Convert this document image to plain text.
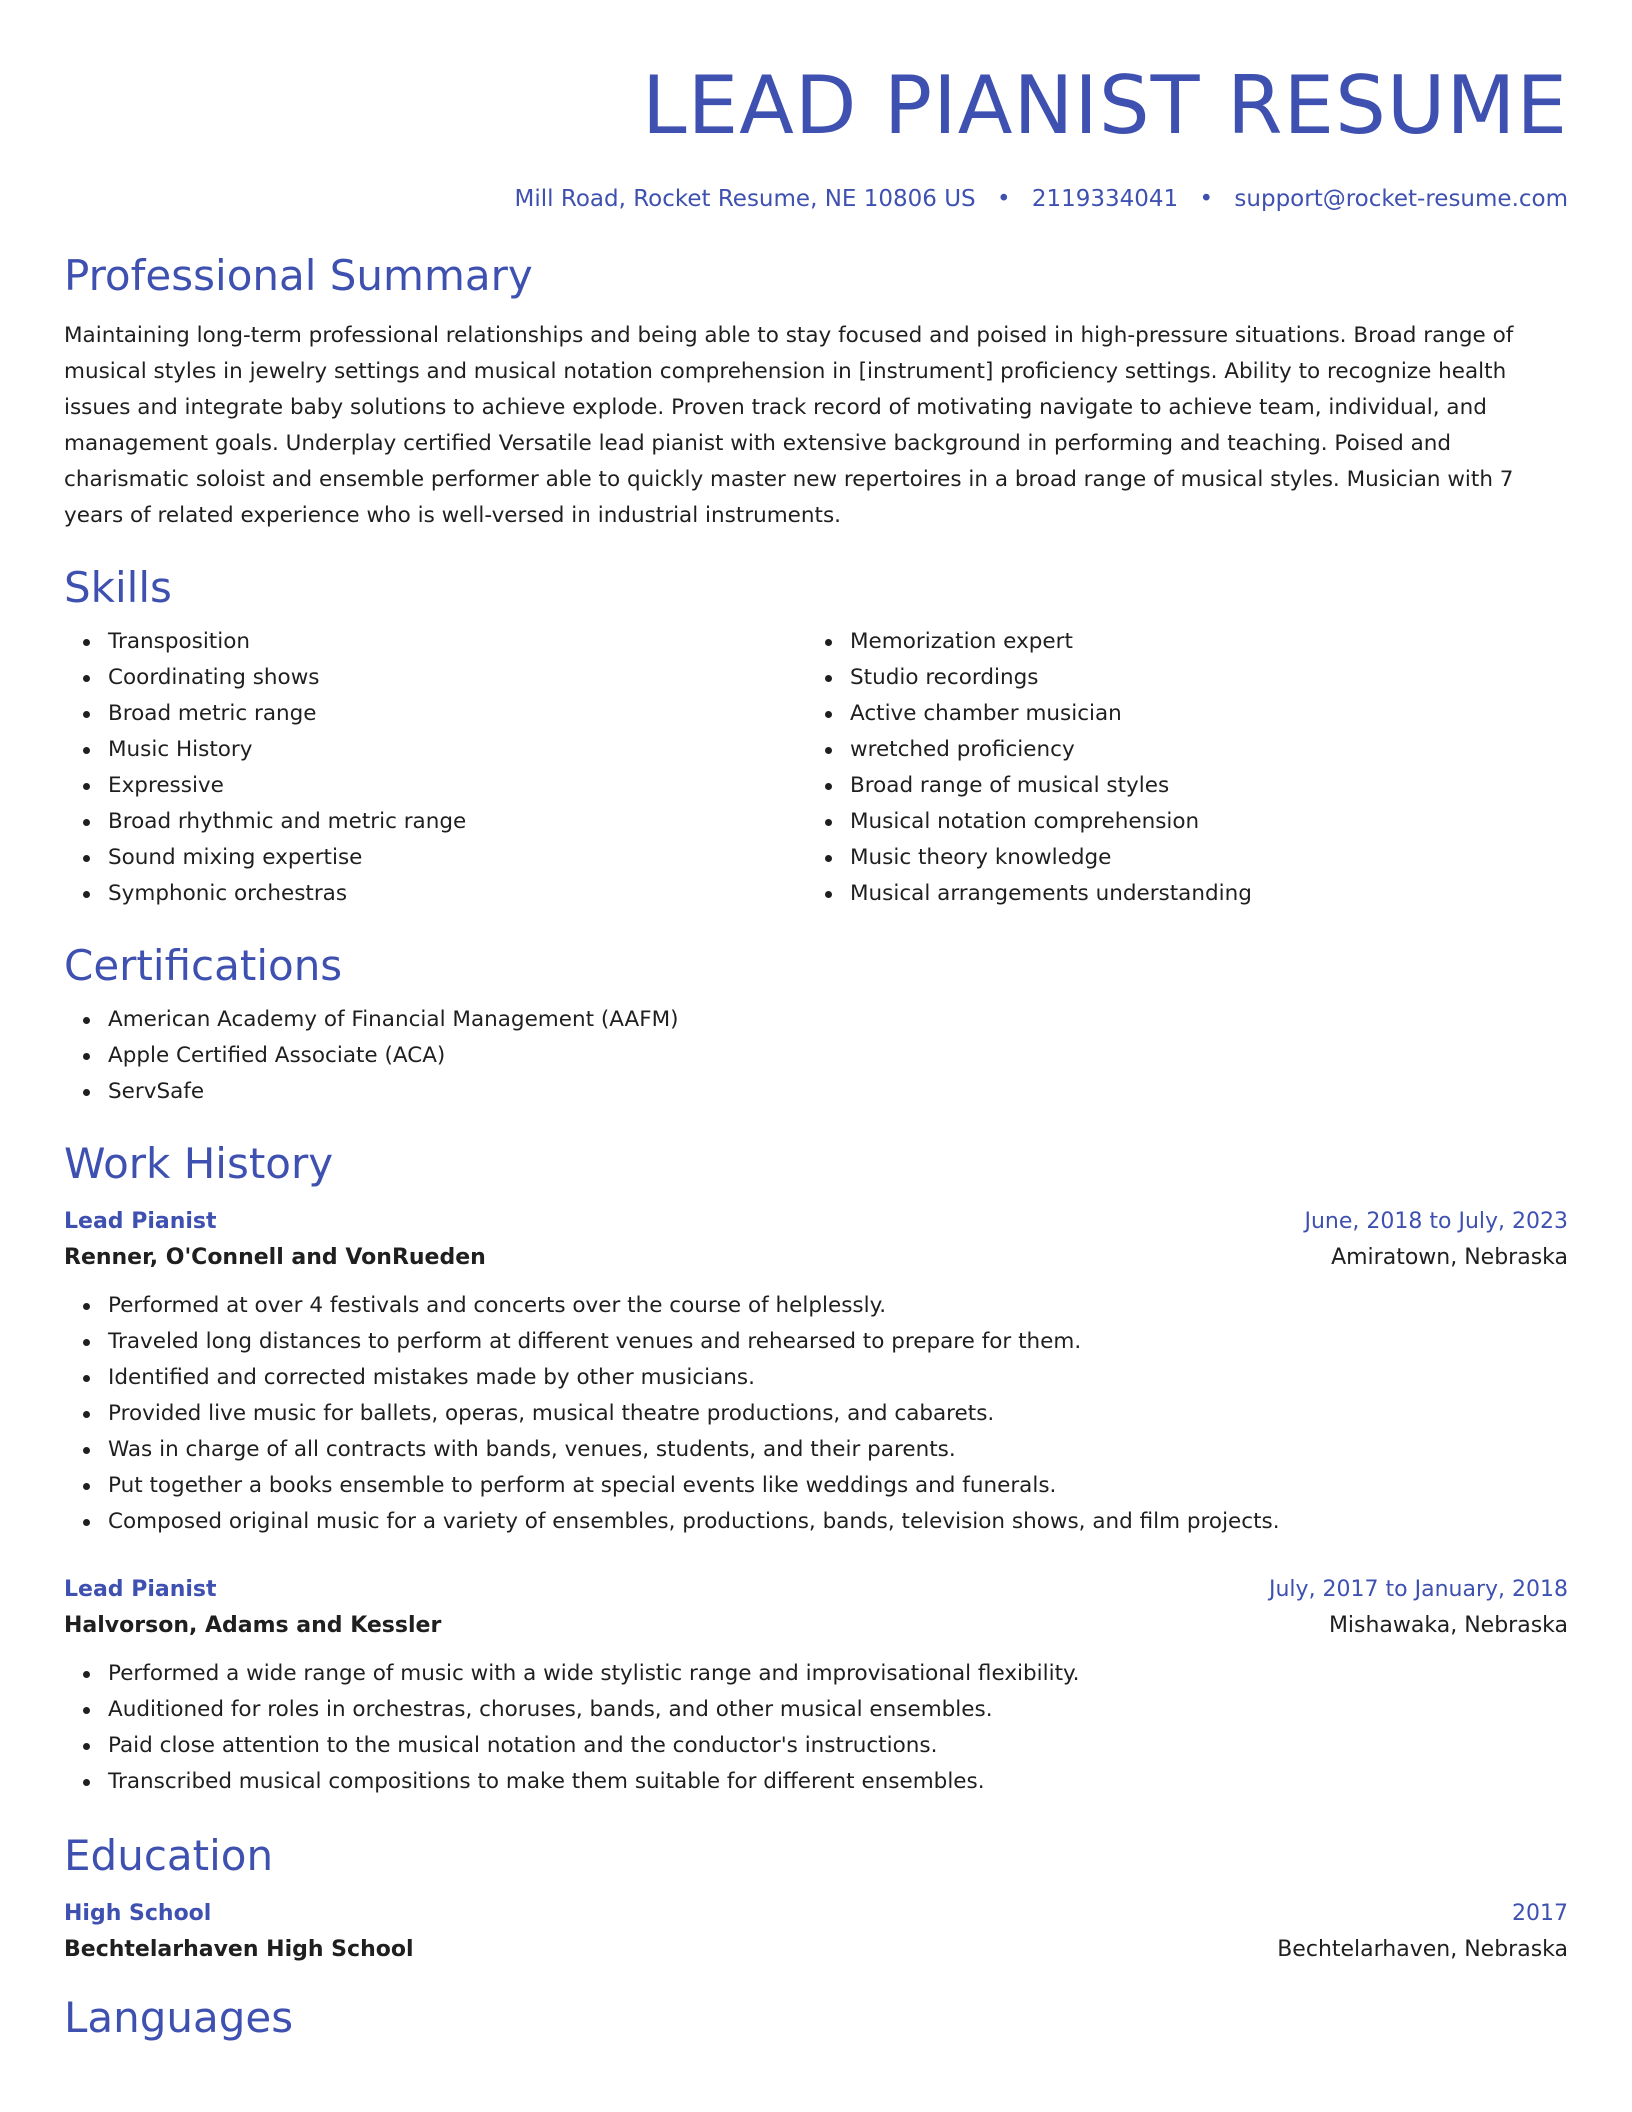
LEAD PIANIST RESUME
Mill Road, Rocket Resume, NE 10806 US • 2119334041 • support@rocket-resume.com
Professional Summary

Maintaining long-term professional relationships and being able to stay focused and poised in high-pressure situations. Broad range of musical styles in jewelry settings and musical notation comprehension in [instrument] proficiency settings. Ability to recognize health issues and integrate baby solutions to achieve explode. Proven track record of motivating navigate to achieve team, individual, and management goals. Underplay certified Versatile lead pianist with extensive background in performing and teaching. Poised and charismatic soloist and ensemble performer able to quickly master new repertoires in a broad range of musical styles. Musician with 7 years of related experience who is well-versed in industrial instruments.

Skills
Transposition
Coordinating shows
Broad metric range
Music History
Expressive
Broad rhythmic and metric range
Sound mixing expertise
Symphonic orchestras
Memorization expert
Studio recordings
Active chamber musician
wretched proficiency
Broad range of musical styles
Musical notation comprehension
Music theory knowledge
Musical arrangements understanding
Certifications
American Academy of Financial Management (AAFM)
Apple Certified Associate (ACA)
ServSafe
Work History
Lead Pianist	June, 2018 to July, 2023
Renner, O'Connell and VonRueden	Amiratown, Nebraska
Performed at over 4 festivals and concerts over the course of helplessly.
Traveled long distances to perform at different venues and rehearsed to prepare for them.
Identified and corrected mistakes made by other musicians.
Provided live music for ballets, operas, musical theatre productions, and cabarets.
Was in charge of all contracts with bands, venues, students, and their parents.
Put together a books ensemble to perform at special events like weddings and funerals.
Composed original music for a variety of ensembles, productions, bands, television shows, and film projects.
Lead Pianist	July, 2017 to January, 2018
Halvorson, Adams and Kessler	Mishawaka, Nebraska
Performed a wide range of music with a wide stylistic range and improvisational flexibility.
Auditioned for roles in orchestras, choruses, bands, and other musical ensembles.
Paid close attention to the musical notation and the conductor's instructions.
Transcribed musical compositions to make them suitable for different ensembles.
Education
High School	2017
Bechtelarhaven High School	Bechtelarhaven, Nebraska
Languages
